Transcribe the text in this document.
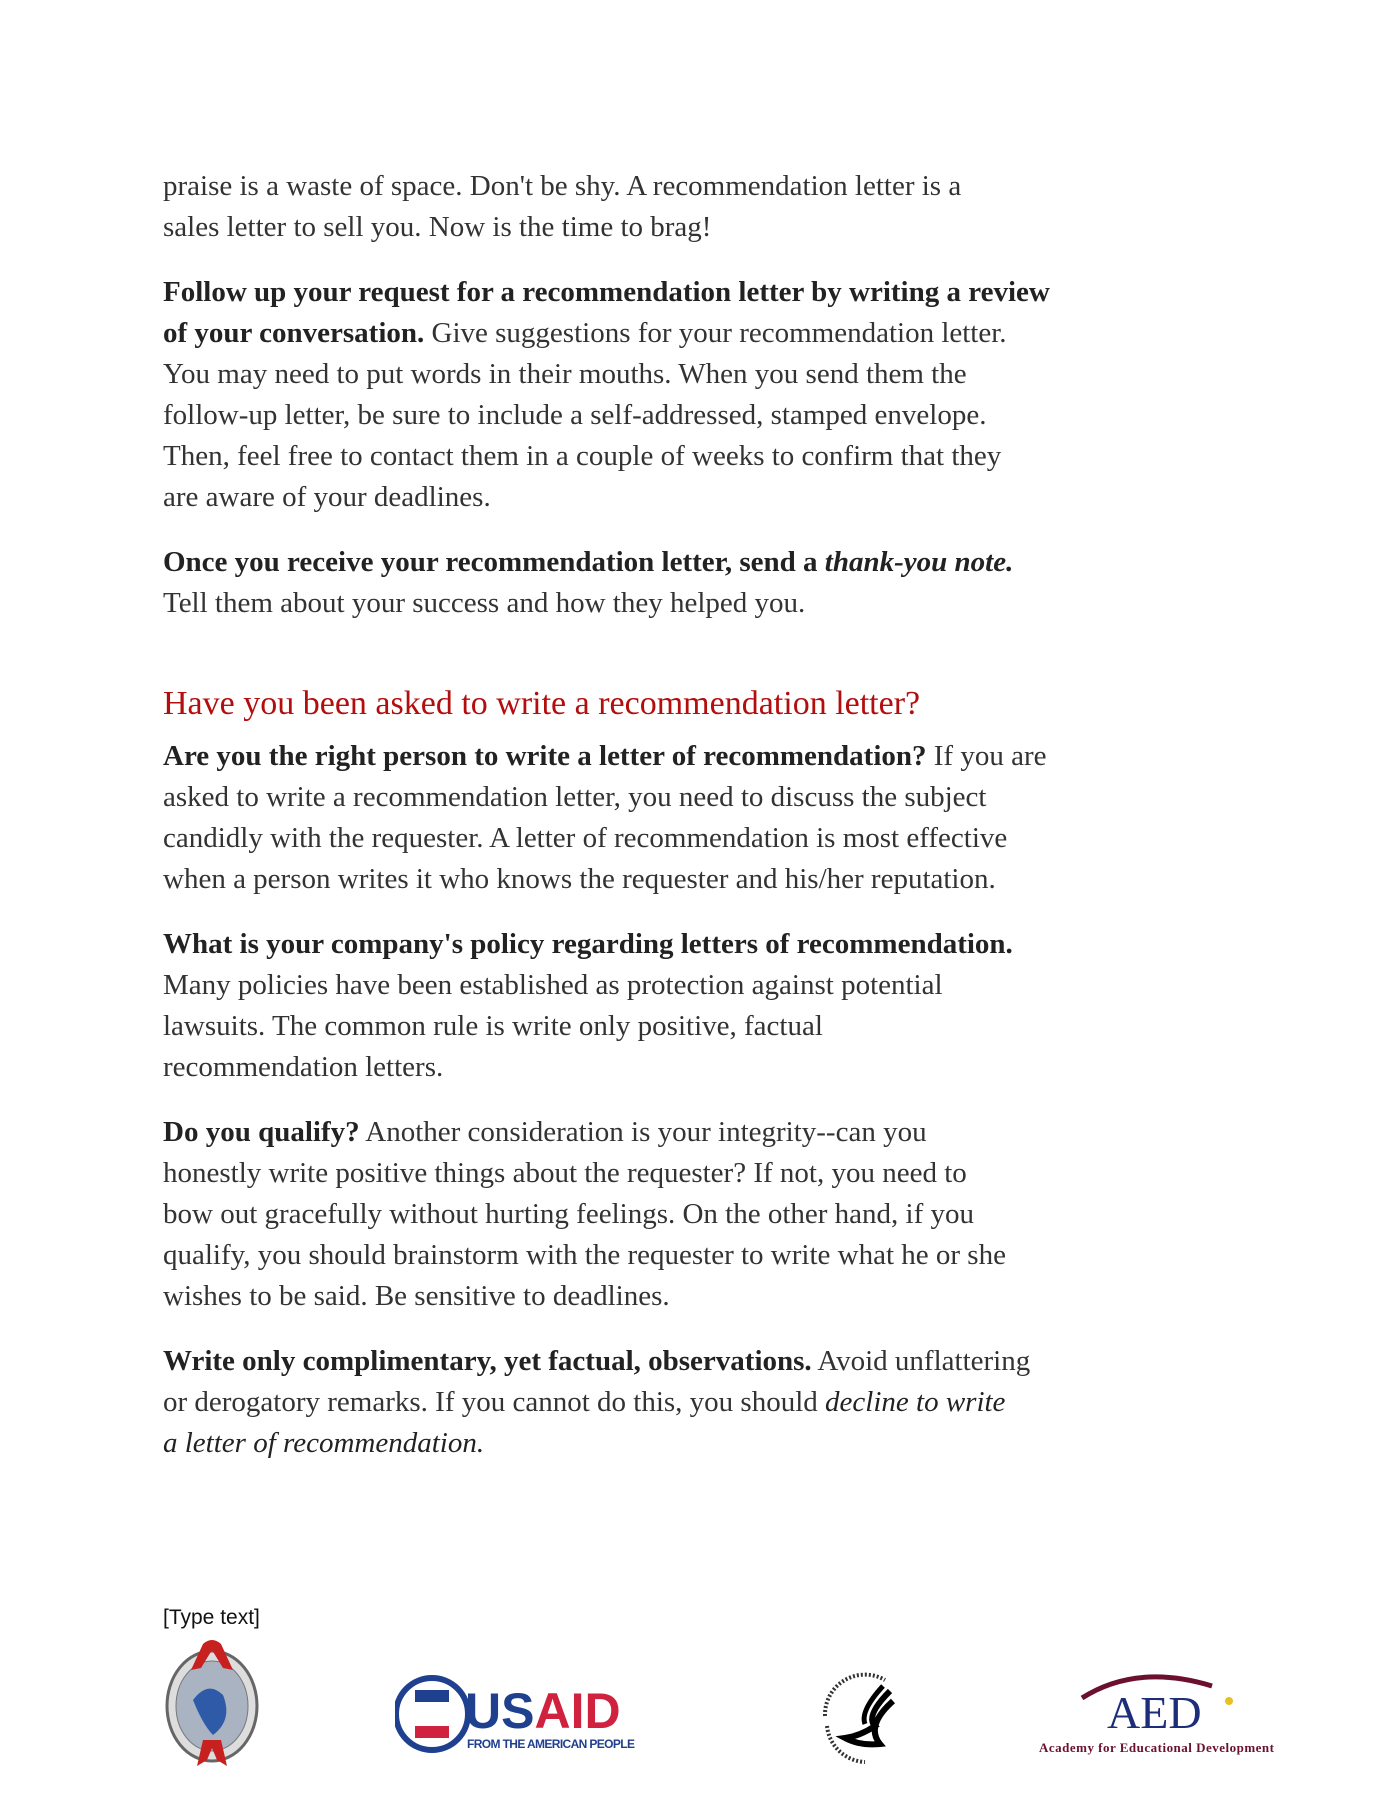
praise is a waste of space. Don't be shy. A recommendation letter is a
sales letter to sell you. Now is the time to brag!
Follow up your request for a recommendation letter by writing a review
of your conversation. Give suggestions for your recommendation letter.
You may need to put words in their mouths. When you send them the
follow-up letter, be sure to include a self-addressed, stamped envelope.
Then, feel free to contact them in a couple of weeks to confirm that they
are aware of your deadlines.
Once you receive your recommendation letter, send a thank-you note.
Tell them about your success and how they helped you.
Have you been asked to write a recommendation letter?
Are you the right person to write a letter of recommendation? If you are
asked to write a recommendation letter, you need to discuss the subject
candidly with the requester. A letter of recommendation is most effective
when a person writes it who knows the requester and his/her reputation.
What is your company's policy regarding letters of recommendation.
Many policies have been established as protection against potential
lawsuits. The common rule is write only positive, factual
recommendation letters.
Do you qualify? Another consideration is your integrity--can you
honestly write positive things about the requester? If not, you need to
bow out gracefully without hurting feelings. On the other hand, if you
qualify, you should brainstorm with the requester to write what he or she
wishes to be said. Be sensitive to deadlines.
Write only complimentary, yet factual, observations. Avoid unflattering
or derogatory remarks. If you cannot do this, you should decline to write
a letter of recommendation.
[Type text]
USAID
FROM THE AMERICAN PEOPLE
AED
Academy for Educational Development
